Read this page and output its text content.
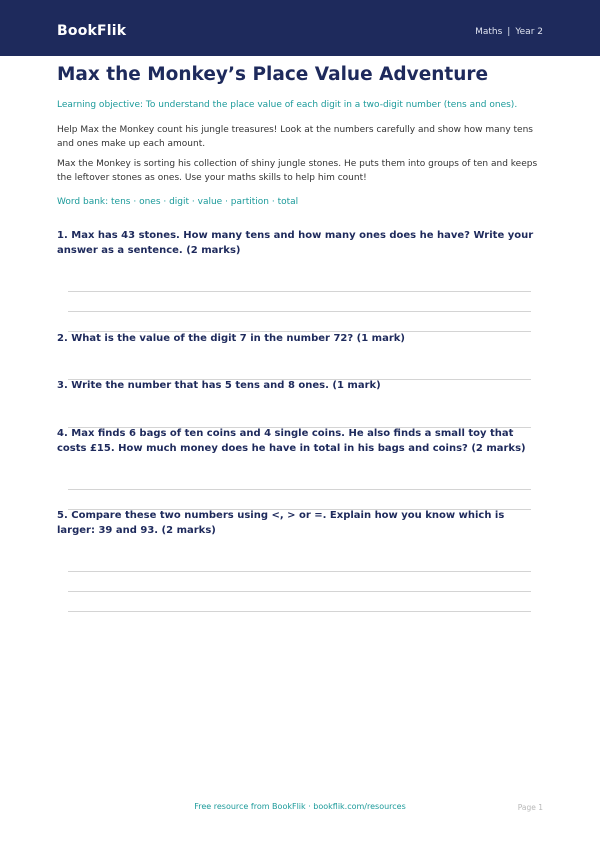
BookFlik	Maths | Year 2
Max the Monkey’s Place Value Adventure
Learning objective: To understand the place value of each digit in a two-digit number (tens and ones).

Help Max the Monkey count his jungle treasures! Look at the numbers carefully and show how many tens and ones make up each amount.

Max the Monkey is sorting his collection of shiny jungle stones. He puts them into groups of ten and keeps the leftover stones as ones. Use your maths skills to help him count!

Word bank: tens · ones · digit · value · partition · total

1. Max has 43 stones. How many tens and how many ones does he have? Write your answer as a sentence. (2 marks)

2. What is the value of the digit 7 in the number 72? (1 mark)

3. Write the number that has 5 tens and 8 ones. (1 mark)

4. Max finds 6 bags of ten coins and 4 single coins. He also finds a small toy that costs £15. How much money does he have in total in his bags and coins? (2 marks)

5. Compare these two numbers using <, > or =. Explain how you know which is larger: 39 and 93. (2 marks)

Free resource from BookFlik · bookflik.com/resources	Page 1
